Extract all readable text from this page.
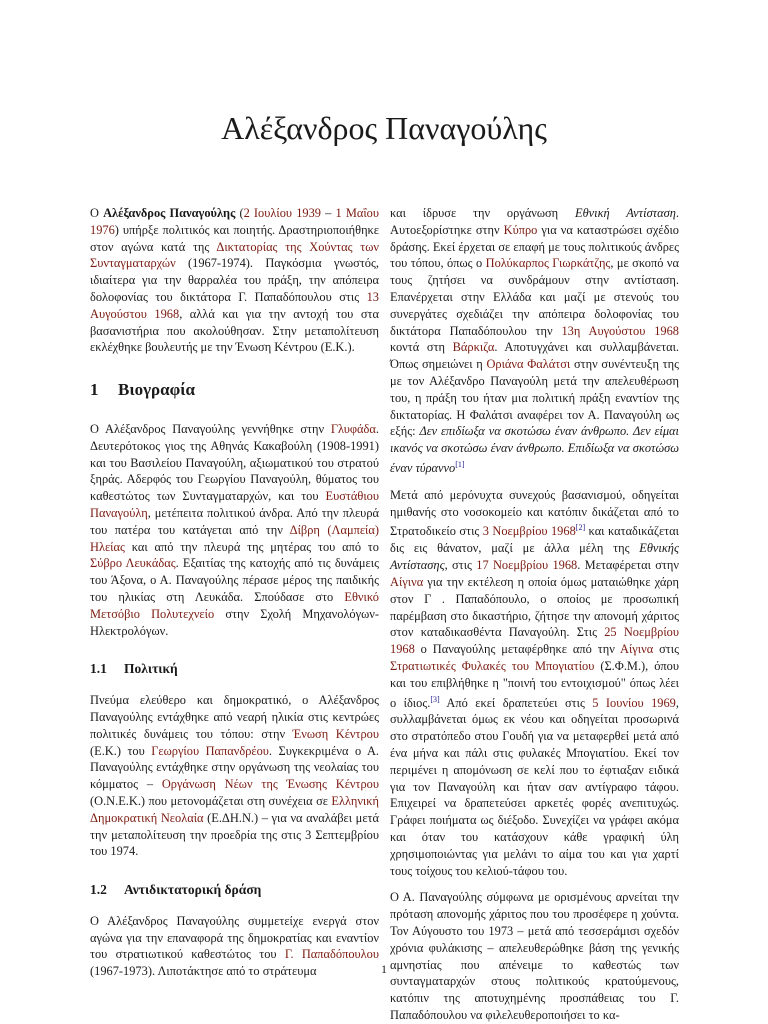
Αλέξανδρος Παναγούλης

Ο Αλέξανδρος Παναγούλης (2 Ιουλίου 1939 – 1 Μαΐου 1976) υπήρξε πολιτικός και ποιητής. Δραστηριοποιήθηκε στον αγώνα κατά της Δικτατορίας της Χούντας των Συνταγματαρχών (1967-1974). Παγκόσμια γνωστός, ιδιαίτερα για την θαρραλέα του πράξη, την απόπειρα δολοφονίας του δικτάτορα Γ. Παπαδόπουλου στις 13 Αυγούστου 1968, αλλά και για την αντοχή του στα βασανιστήρια που ακολούθησαν. Στην μεταπολίτευση εκλέχθηκε βουλευτής με την Ένωση Κέντρου (Ε.Κ.).

1 Βιογραφία

Ο Αλέξανδρος Παναγούλης γεννήθηκε στην Γλυφάδα. Δευτερότοκος γιος της Αθηνάς Κακαβούλη (1908-1991) και του Βασιλείου Παναγούλη, αξιωματικού του στρατού ξηράς. Αδερφός του Γεωργίου Παναγούλη, θύματος του καθεστώτος των Συνταγματαρχών, και του Ευστάθιου Παναγούλη, μετέπειτα πολιτικού άνδρα. Από την πλευρά του πατέρα του κατάγεται από την Δίβρη (Λαμπεία) Ηλείας και από την πλευρά της μητέρας του από το Σύβρο Λευκάδας. Εξαιτίας της κατοχής από τις δυνάμεις του Άξονα, ο Α. Παναγούλης πέρασε μέρος της παιδικής του ηλικίας στη Λευκάδα. Σπούδασε στο Εθνικό Μετσόβιο Πολυτεχνείο στην Σχολή Μηχανολόγων-Ηλεκτρολόγων.

1.1 Πολιτική

Πνεύμα ελεύθερο και δημοκρατικό, ο Αλέξανδρος Παναγούλης εντάχθηκε από νεαρή ηλικία στις κεντρώες πολιτικές δυνάμεις του τόπου: στην Ένωση Κέντρου (Ε.Κ.) του Γεωργίου Παπανδρέου. Συγκεκριμένα ο Α. Παναγούλης εντάχθηκε στην οργάνωση της νεολαίας του κόμματος – Οργάνωση Νέων της Ένωσης Κέντρου (Ο.Ν.Ε.Κ.) που μετονομάζεται στη συνέχεια σε Ελληνική Δημοκρατική Νεολαία (Ε.ΔΗ.Ν.) – για να αναλάβει μετά την μεταπολίτευση την προεδρία της στις 3 Σεπτεμβρίου του 1974.

1.2 Αντιδικτατορική δράση

Ο Αλέξανδρος Παναγούλης συμμετείχε ενεργά στον αγώνα για την επαναφορά της δημοκρατίας και εναντίον του στρατιωτικού καθεστώτος του Γ. Παπαδόπουλου (1967-1973). Λιποτάκτησε από το στράτευμα

και ίδρυσε την οργάνωση Εθνική Αντίσταση. Αυτοεξορίστηκε στην Κύπρο για να καταστρώσει σχέδιο δράσης. Εκεί έρχεται σε επαφή με τους πολιτικούς άνδρες του τόπου, όπως ο Πολύκαρπος Γιωρκάτζης, με σκοπό να τους ζητήσει να συνδράμουν στην αντίσταση. Επανέρχεται στην Ελλάδα και μαζί με στενούς του συνεργάτες σχεδιάζει την απόπειρα δολοφονίας του δικτάτορα Παπαδόπουλου την 13η Αυγούστου 1968 κοντά στη Βάρκιζα. Αποτυγχάνει και συλλαμβάνεται. Όπως σημειώνει η Οριάνα Φαλάτσι στην συνέντευξη της με τον Αλέξανδρο Παναγούλη μετά την απελευθέρωση του, η πράξη του ήταν μια πολιτική πράξη εναντίον της δικτατορίας. Η Φαλάτσι αναφέρει τον Α. Παναγούλη ως εξής: Δεν επιδίωξα να σκοτώσω έναν άνθρωπο. Δεν είμαι ικανός να σκοτώσω έναν άνθρωπο. Επιδίωξα να σκοτώσω έναν τύραννο[1]

Μετά από μερόνυχτα συνεχούς βασανισμού, οδηγείται ημιθανής στο νοσοκομείο και κατόπιν δικάζεται από το Στρατοδικείο στις 3 Νοεμβρίου 1968[2] και καταδικάζεται δις εις θάνατον, μαζί με άλλα μέλη της Εθνικής Αντίστασης, στις 17 Νοεμβρίου 1968. Μεταφέρεται στην Αίγινα για την εκτέλεση η οποία όμως ματαιώθηκε χάρη στον Γ . Παπαδόπουλο, ο οποίος με προσωπική παρέμβαση στο δικαστήριο, ζήτησε την απονομή χάριτος στον καταδικασθέντα Παναγούλη. Στις 25 Νοεμβρίου 1968 ο Παναγούλης μεταφέρθηκε από την Αίγινα στις Στρατιωτικές Φυλακές του Μπογιατίου (Σ.Φ.Μ.), όπου και του επιβλήθηκε η "ποινή του εντοιχισμού" όπως λέει ο ίδιος.[3] Από εκεί δραπετεύει στις 5 Ιουνίου 1969, συλλαμβάνεται όμως εκ νέου και οδηγείται προσωρινά στο στρατόπεδο στου Γουδή για να μεταφερθεί μετά από ένα μήνα και πάλι στις φυλακές Μπογιατίου. Εκεί τον περιμένει η απομόνωση σε κελί που το έφτιαξαν ειδικά για τον Παναγούλη και ήταν σαν αντίγραφο τάφου. Επιχειρεί να δραπετεύσει αρκετές φορές ανεπιτυχώς. Γράφει ποιήματα ως διέξοδο. Συνεχίζει να γράφει ακόμα και όταν του κατάσχουν κάθε γραφική ύλη χρησιμοποιώντας για μελάνι το αίμα του και για χαρτί τους τοίχους του κελιού-τάφου του.

Ο Α. Παναγούλης σύμφωνα με ορισμένους αρνείται την πρόταση απονομής χάριτος που του προσέφερε η χούντα. Τον Αύγουστο του 1973 – μετά από τεσσεράμισι σχεδόν χρόνια φυλάκισης – απελευθερώθηκε βάση της γενικής αμνηστίας που απένειμε το καθεστώς των συνταγματαρχών στους πολιτικούς κρατούμενους, κατόπιν της αποτυχημένης προσπάθειας του Γ. Παπαδόπουλου να φιλελευθεροποιήσει το κα-

1
